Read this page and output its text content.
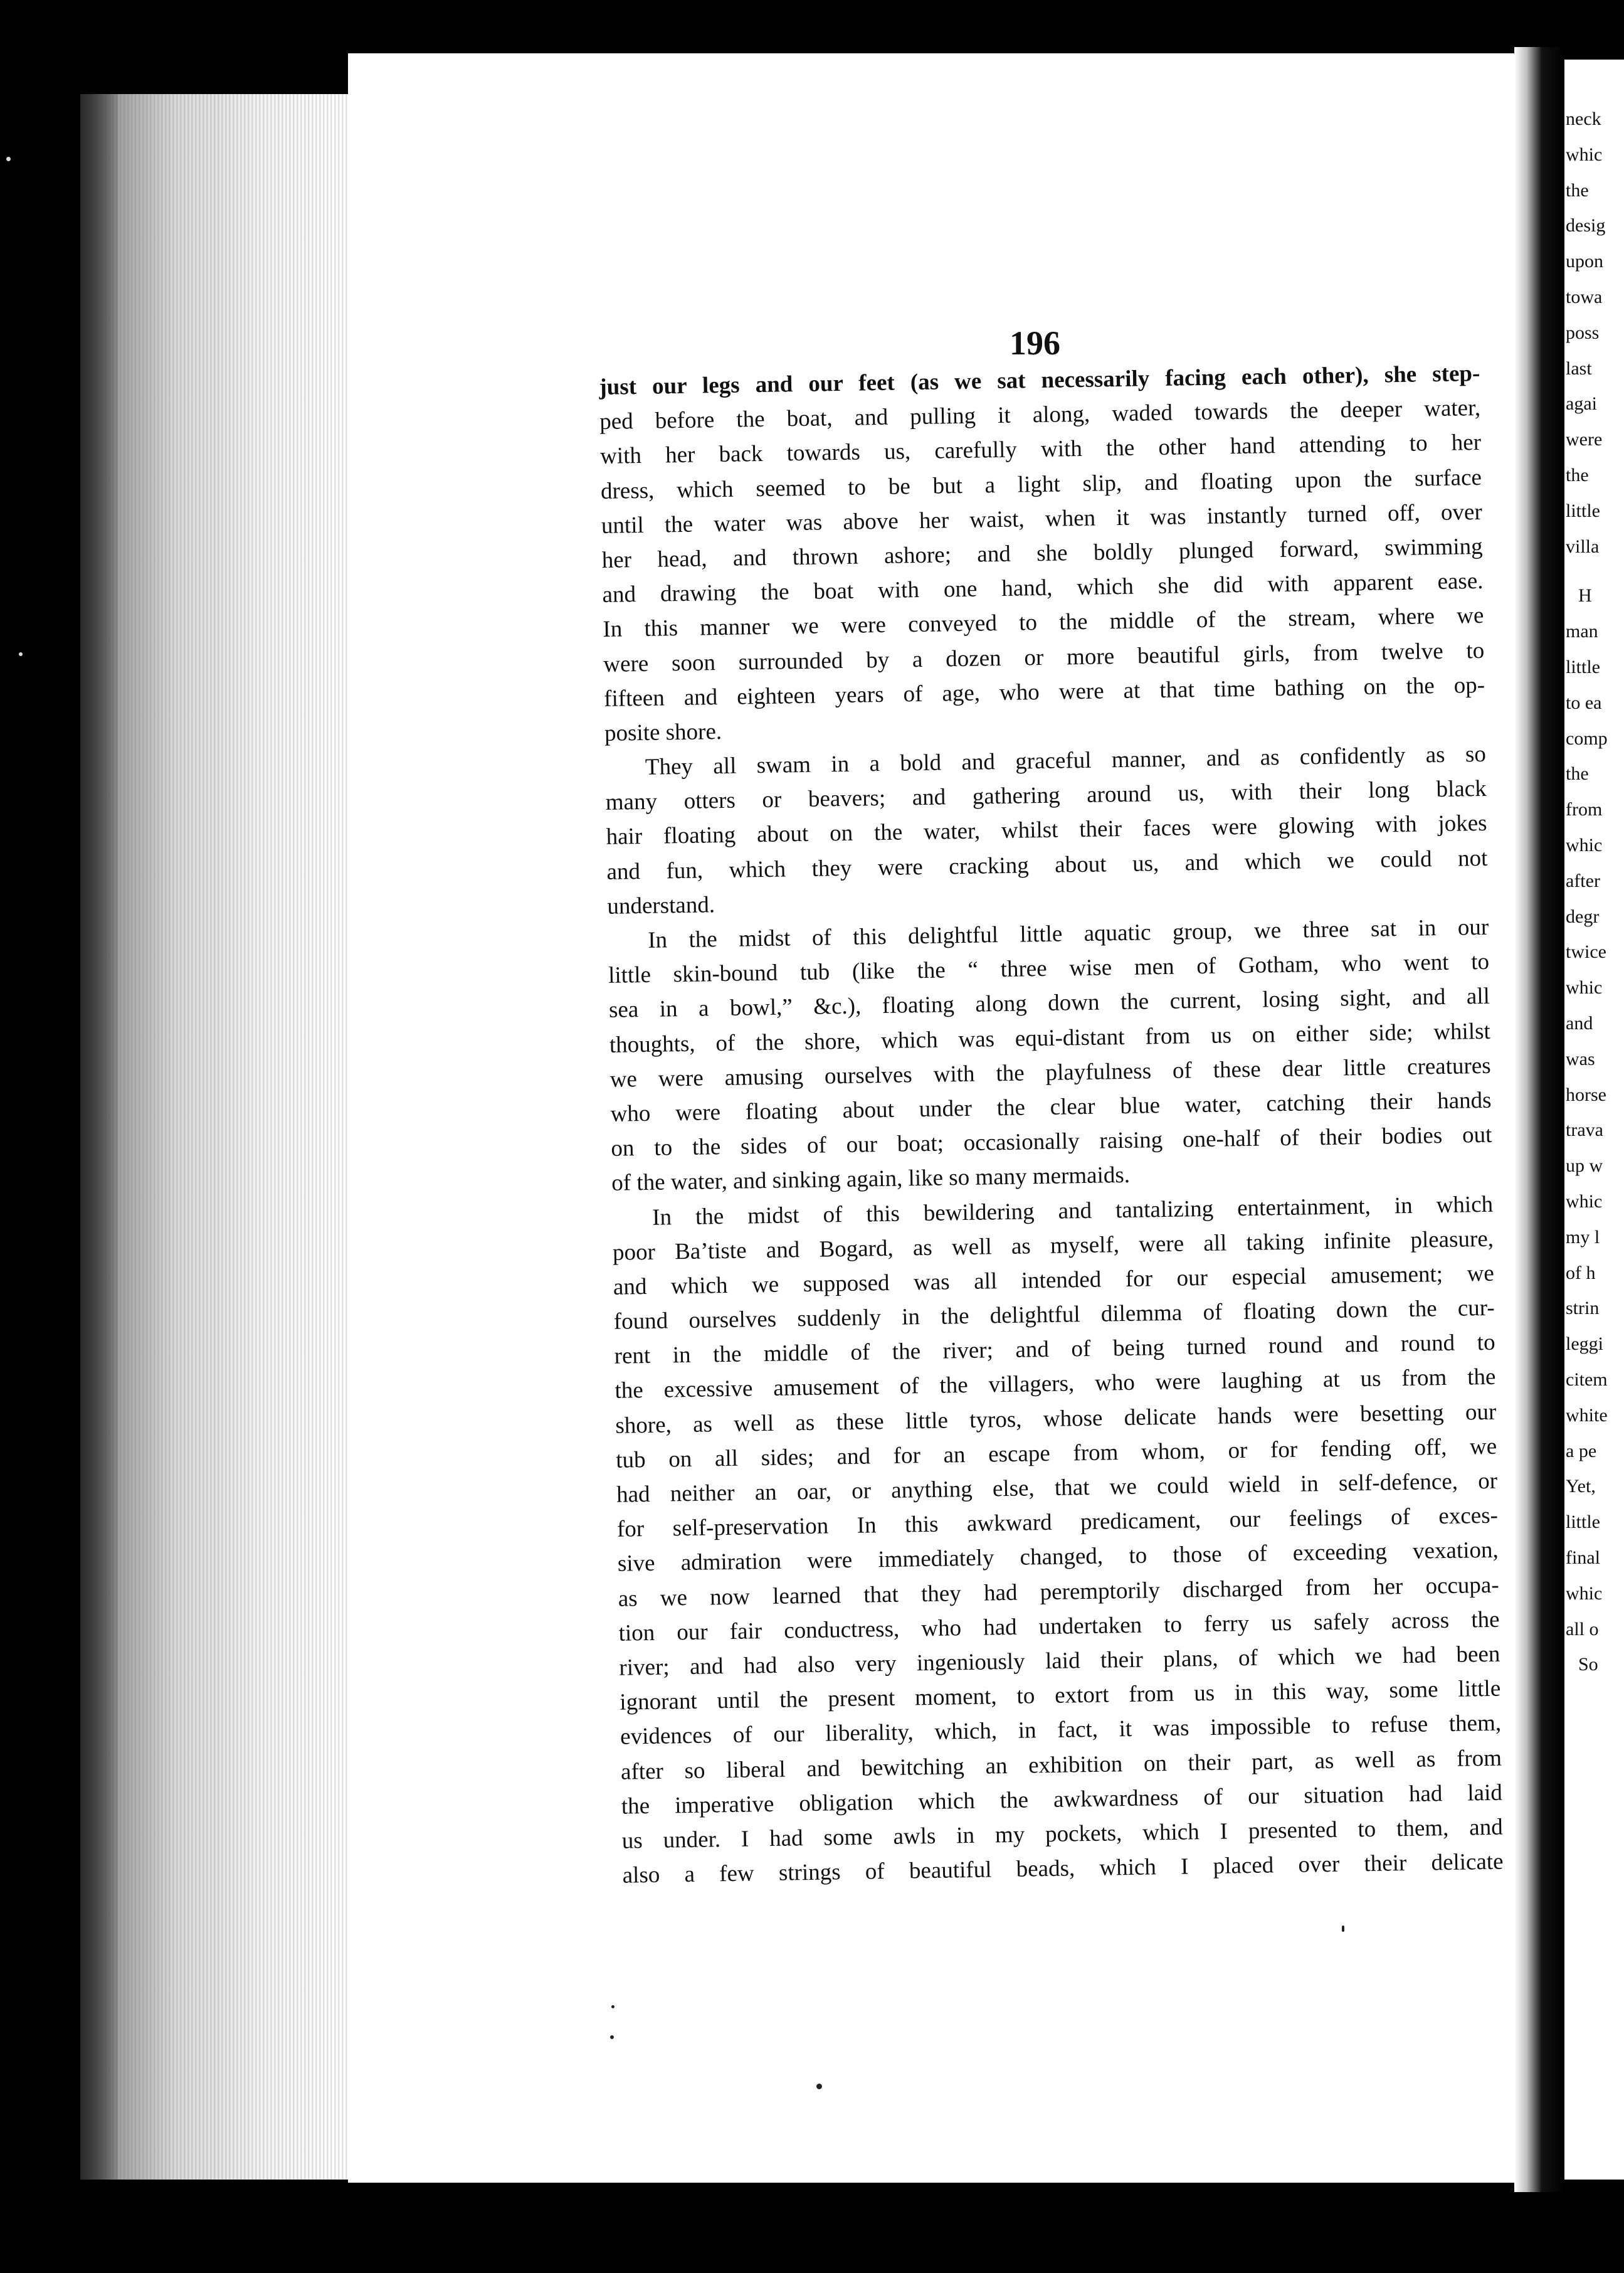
196
just our legs and our feet (as we sat necessarily facing each other), she step-
ped before the boat, and pulling it along, waded towards the deeper water,
with her back towards us, carefully with the other hand attending to her
dress, which seemed to be but a light slip, and floating upon the surface
until the water was above her waist, when it was instantly turned off, over
her head, and thrown ashore; and she boldly plunged forward, swimming
and drawing the boat with one hand, which she did with apparent ease.
In this manner we were conveyed to the middle of the stream, where we
were soon surrounded by a dozen or more beautiful girls, from twelve to
fifteen and eighteen years of age, who were at that time bathing on the op-
posite shore.
They all swam in a bold and graceful manner, and as confidently as so
many otters or beavers; and gathering around us, with their long black
hair floating about on the water, whilst their faces were glowing with jokes
and fun, which they were cracking about us, and which we could not
understand.
In the midst of this delightful little aquatic group, we three sat in our
little skin-bound tub (like the “ three wise men of Gotham, who went to
sea in a bowl,” &c.), floating along down the current, losing sight, and all
thoughts, of the shore, which was equi-distant from us on either side; whilst
we were amusing ourselves with the playfulness of these dear little creatures
who were floating about under the clear blue water, catching their hands
on to the sides of our boat; occasionally raising one-half of their bodies out
of the water, and sinking again, like so many mermaids.
In the midst of this bewildering and tantalizing entertainment, in which
poor Ba’tiste and Bogard, as well as myself, were all taking infinite pleasure,
and which we supposed was all intended for our especial amusement; we
found ourselves suddenly in the delightful dilemma of floating down the cur-
rent in the middle of the river; and of being turned round and round to
the excessive amusement of the villagers, who were laughing at us from the
shore, as well as these little tyros, whose delicate hands were besetting our
tub on all sides; and for an escape from whom, or for fending off, we
had neither an oar, or anything else, that we could wield in self-defence, or
for self-preservation In this awkward predicament, our feelings of exces-
sive admiration were immediately changed, to those of exceeding vexation,
as we now learned that they had peremptorily discharged from her occupa-
tion our fair conductress, who had undertaken to ferry us safely across the
river; and had also very ingeniously laid their plans, of which we had been
ignorant until the present moment, to extort from us in this way, some little
evidences of our liberality, which, in fact, it was impossible to refuse them,
after so liberal and bewitching an exhibition on their part, as well as from
the imperative obligation which the awkwardness of our situation had laid
us under. I had some awls in my pockets, which I presented to them, and
also a few strings of beautiful beads, which I placed over their delicate
neck
whic
the
desig
upon
towa
poss
last
agai
were
the
little
villa
H
man
little
to ea
comp
the
from
whic
after
degr
twice
whic
and
was
horse
trava
up w
whic
my l
of h
strin
leggi
citem
white
a pe
Yet,
little
final
whic
all o
So
